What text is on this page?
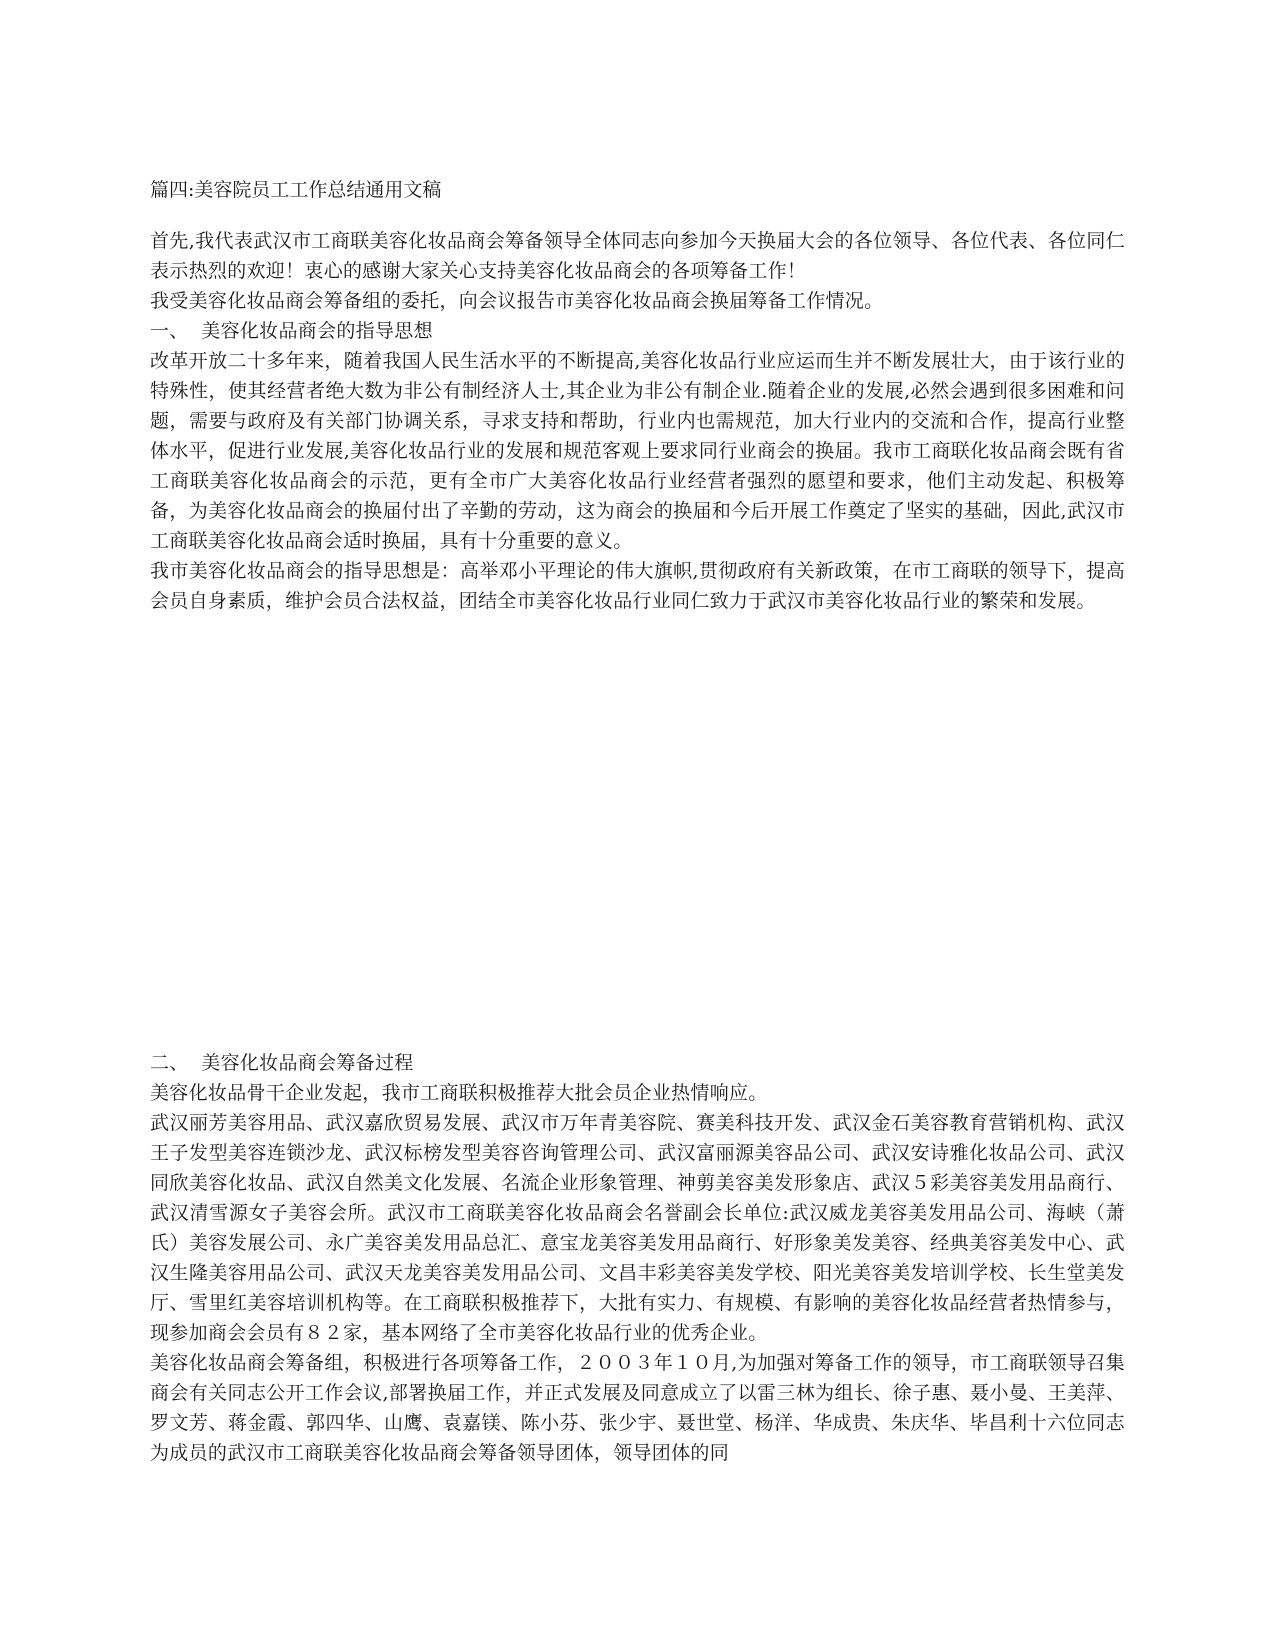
篇四:美容院员工工作总结通用文稿

首先,我代表武汉市工商联美容化妆品商会筹备领导全体同志向参加今天换届大会的各位领导、各位代表、各位同仁表示热烈的欢迎！衷心的感谢大家关心支持美容化妆品商会的各项筹备工作！

我受美容化妆品商会筹备组的委托，向会议报告市美容化妆品商会换届筹备工作情况。

一、  美容化妆品商会的指导思想

改革开放二十多年来，随着我国人民生活水平的不断提高,美容化妆品行业应运而生并不断发展壮大，由于该行业的特殊性，使其经营者绝大数为非公有制经济人士,其企业为非公有制企业.随着企业的发展,必然会遇到很多困难和问题，需要与政府及有关部门协调关系，寻求支持和帮助，行业内也需规范，加大行业内的交流和合作，提高行业整体水平，促进行业发展,美容化妆品行业的发展和规范客观上要求同行业商会的换届。我市工商联化妆品商会既有省工商联美容化妆品商会的示范，更有全市广大美容化妆品行业经营者强烈的愿望和要求，他们主动发起、积极筹备，为美容化妆品商会的换届付出了辛勤的劳动，这为商会的换届和今后开展工作奠定了坚实的基础，因此,武汉市工商联美容化妆品商会适时换届，具有十分重要的意义。

我市美容化妆品商会的指导思想是：高举邓小平理论的伟大旗帜,贯彻政府有关新政策，在市工商联的领导下，提高会员自身素质，维护会员合法权益，团结全市美容化妆品行业同仁致力于武汉市美容化妆品行业的繁荣和发展。

二、  美容化妆品商会筹备过程

美容化妆品骨干企业发起，我市工商联积极推荐大批会员企业热情响应。

武汉丽芳美容用品、武汉嘉欣贸易发展、武汉市万年青美容院、赛美科技开发、武汉金石美容教育营销机构、武汉王子发型美容连锁沙龙、武汉标榜发型美容咨询管理公司、武汉富丽源美容品公司、武汉安诗雅化妆品公司、武汉同欣美容化妆品、武汉自然美文化发展、名流企业形象管理、神剪美容美发形象店、武汉５彩美容美发用品商行、武汉清雪源女子美容会所。武汉市工商联美容化妆品商会名誉副会长单位:武汉威龙美容美发用品公司、海峡（萧氏）美容发展公司、永广美容美发用品总汇、意宝龙美容美发用品商行、好形象美发美容、经典美容美发中心、武汉生隆美容用品公司、武汉天龙美容美发用品公司、文昌丰彩美容美发学校、阳光美容美发培训学校、长生堂美发厅、雪里红美容培训机构等。在工商联积极推荐下，大批有实力、有规模、有影响的美容化妆品经营者热情参与，现参加商会会员有８２家，基本网络了全市美容化妆品行业的优秀企业。

美容化妆品商会筹备组，积极进行各项筹备工作，２００３年１０月,为加强对筹备工作的领导，市工商联领导召集商会有关同志公开工作会议,部署换届工作，并正式发展及同意成立了以雷三林为组长、徐子惠、聂小曼、王美萍、罗文芳、蒋金霞、郭四华、山鹰、袁嘉镁、陈小芬、张少宇、聂世堂、杨洋、华成贵、朱庆华、毕昌利十六位同志为成员的武汉市工商联美容化妆品商会筹备领导团体，领导团体的同
